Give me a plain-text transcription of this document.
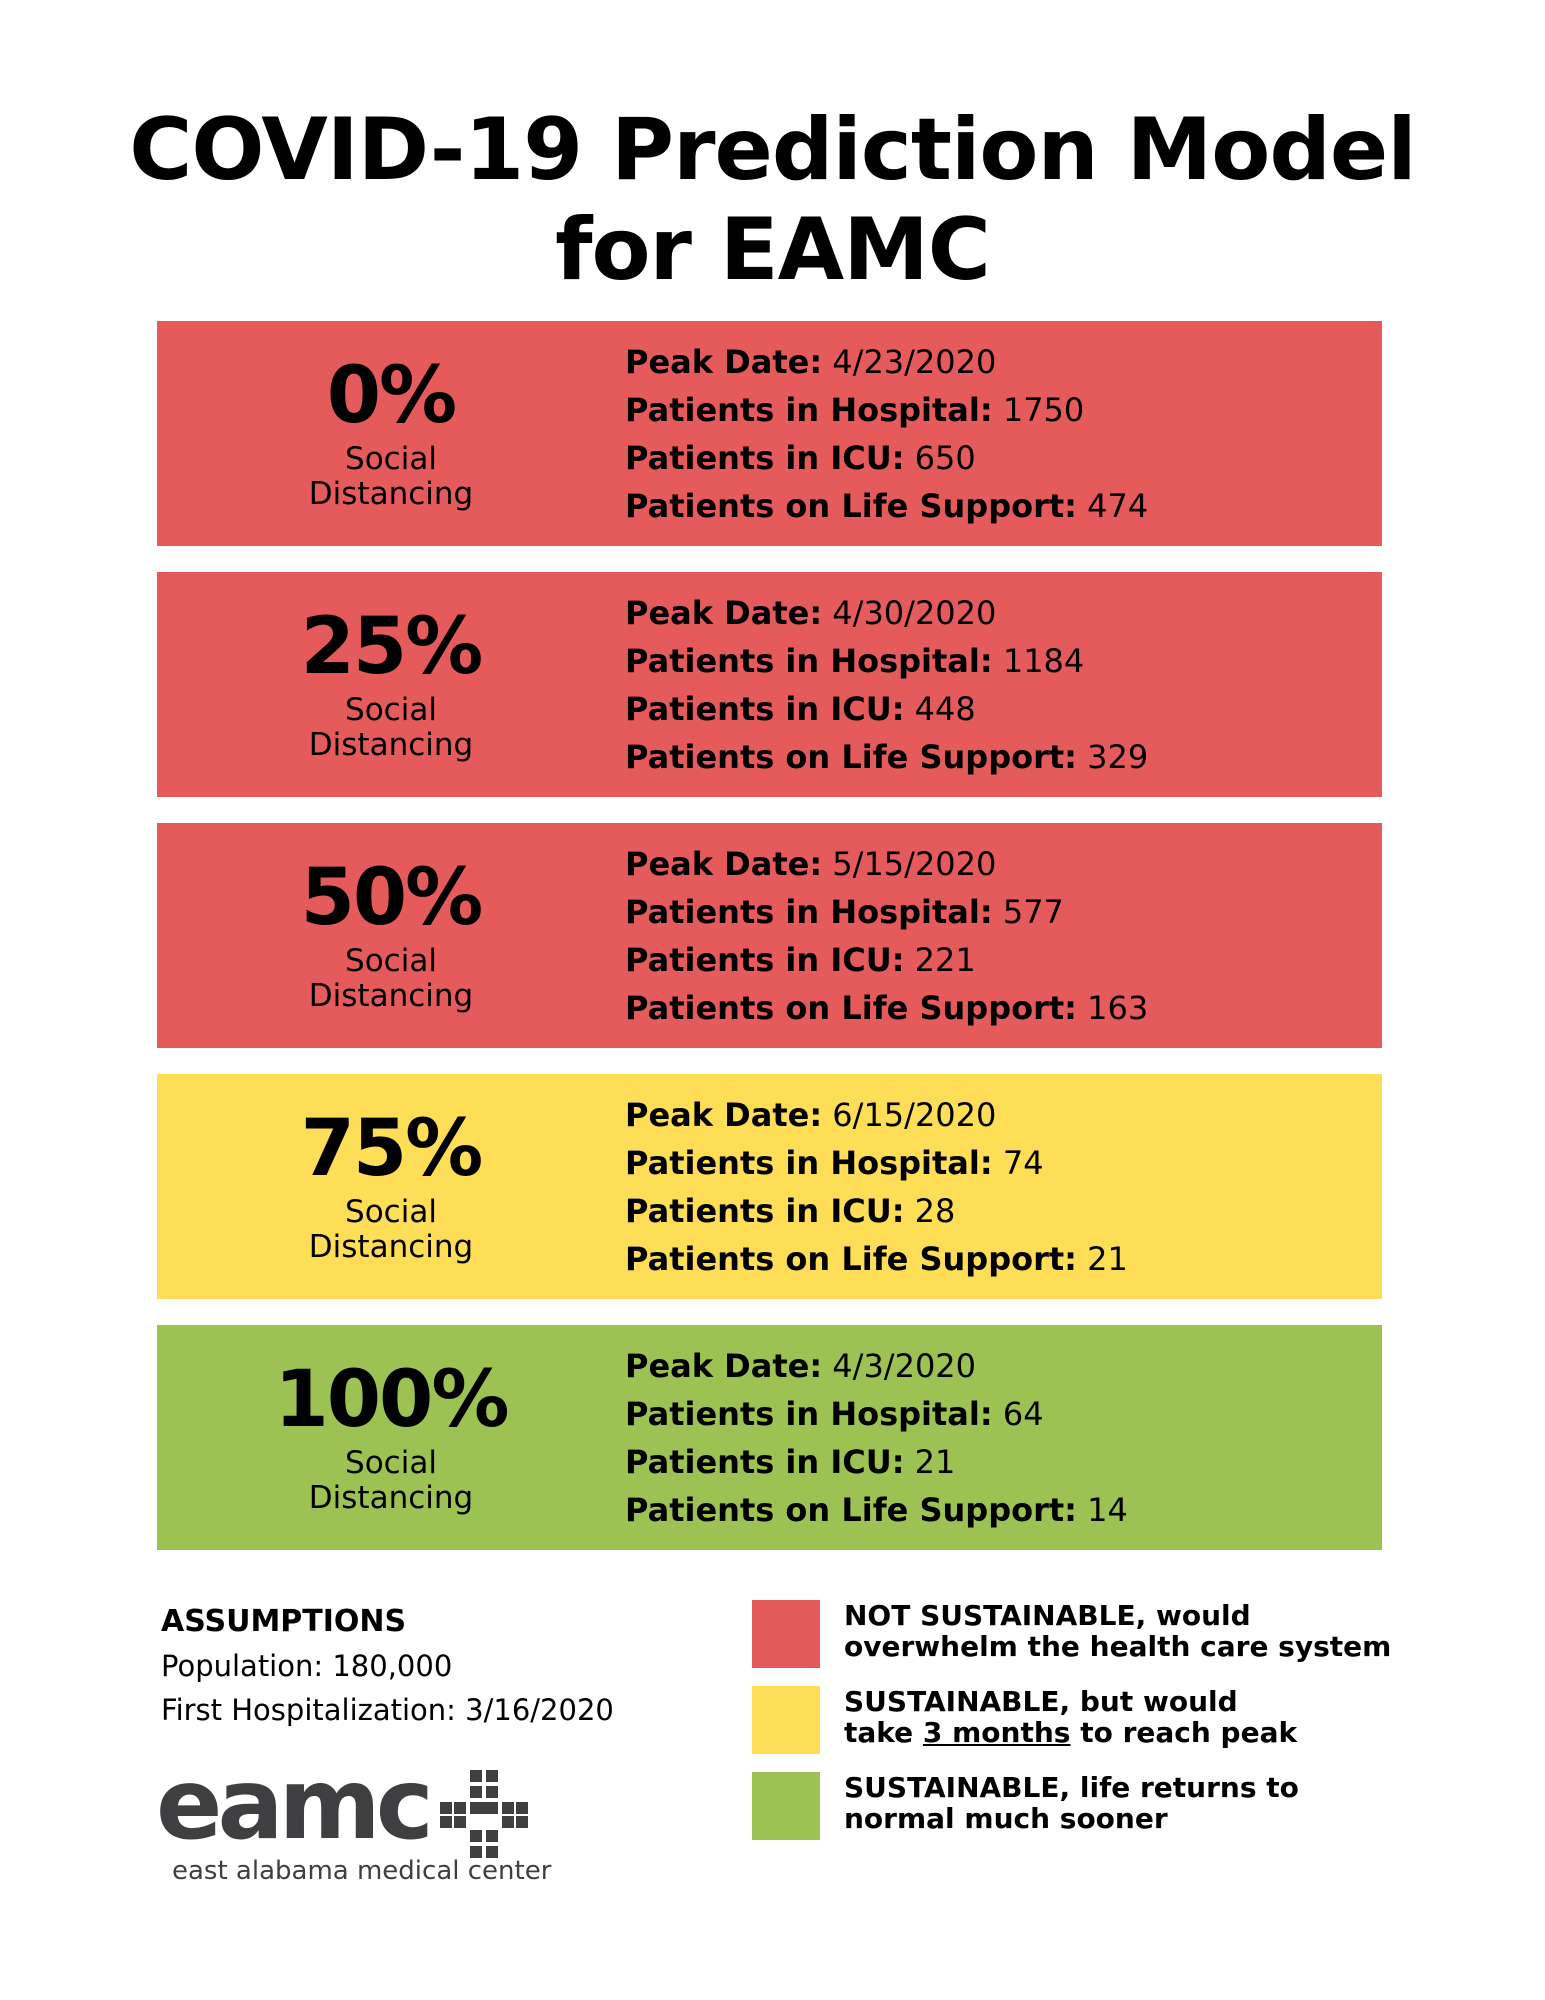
COVID-19 Prediction Model
for EAMC
0%
Social
Distancing
Peak Date: 4/23/2020
Patients in Hospital: 1750
Patients in ICU: 650
Patients on Life Support: 474
25%
Social
Distancing
Peak Date: 4/30/2020
Patients in Hospital: 1184
Patients in ICU: 448
Patients on Life Support: 329
50%
Social
Distancing
Peak Date: 5/15/2020
Patients in Hospital: 577
Patients in ICU: 221
Patients on Life Support: 163
75%
Social
Distancing
Peak Date: 6/15/2020
Patients in Hospital: 74
Patients in ICU: 28
Patients on Life Support: 21
100%
Social
Distancing
Peak Date: 4/3/2020
Patients in Hospital: 64
Patients in ICU: 21
Patients on Life Support: 14
ASSUMPTIONS
Population: 180,000
First Hospitalization: 3/16/2020
eamc
east alabama medical center
NOT SUSTAINABLE, would
overwhelm the health care system
SUSTAINABLE, but would
take 3 months to reach peak
SUSTAINABLE, life returns to
normal much sooner
